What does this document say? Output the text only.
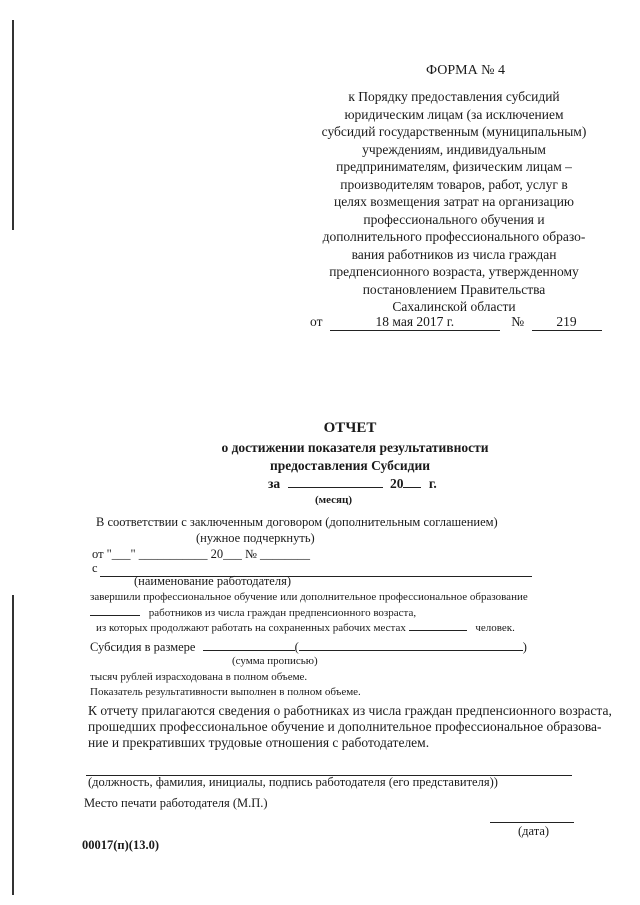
ФОРМА № 4
к Порядку предоставления субсидий
юридическим лицам (за исключением
субсидий государственным (муниципальным)
учреждениям, индивидуальным
предпринимателям, физическим лицам –
производителям товаров, работ, услуг в
целях возмещения затрат на организацию
профессионального обучения и
дополнительного профессионального образо-
вания работников из числа граждан
предпенсионного возраста, утвержденному
постановлением Правительства
Сахалинской области
от	18 мая 2017 г.	№ 219
ОТЧЕТ
о достижении показателя результативности
предоставления Субсидии
за	20 г.
(месяц)
В соответствии с заключенным договором (дополнительным соглашением)
(нужное подчеркнуть)
от "___" ___________ 20___ № ________
с
(наименование работодателя)
завершили профессиональное обучение или дополнительное профессиональное образование
работников из числа граждан предпенсионного возраста,
из которых продолжают работать на сохраненных рабочих местах	человек.
Субсидия в размере	(	)
(сумма прописью)
тысяч рублей израсходована в полном объеме.
Показатель результативности выполнен в полном объеме.
К отчету прилагаются сведения о работниках из числа граждан предпенсионного возраста,
прошедших профессиональное обучение и дополнительное профессиональное образова-
ние и прекративших трудовые отношения с работодателем.
(должность, фамилия, инициалы, подпись работодателя (его представителя))
Место печати работодателя (М.П.)
(дата)
00017(п)(13.0)
